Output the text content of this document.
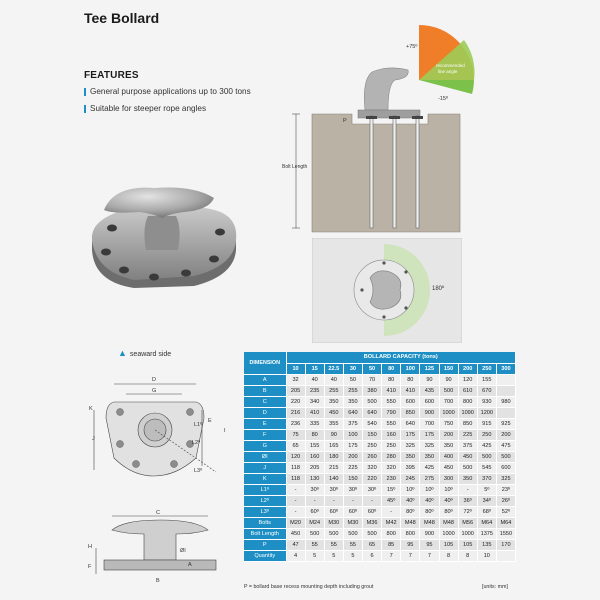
Tee Bollard
FEATURES
General purpose applications up to 300 tons
Suitable for steeper rope angles
recommended
line angle
+75º
-15º
P
Bolt Length
180º
▲ seaward side
D
G
K
J
E
I
L1º
L2º
L3º
C
H
F
ØI
A
B
DIMENSION	BOLLARD CAPACITY (tons)											
	10	15	22.5	30	50	80	100	125	150	200	250	300
A	32	40	40	50	70	80	80	90	90	120	155	
B	205	235	255	255	380	410	410	435	500	610	670	
C	220	340	350	350	500	550	600	600	700	800	930	980
D	216	410	450	640	640	790	850	900	1000	1090	1200	
E	236	335	355	375	540	550	640	700	750	850	915	925
F	75	80	90	100	150	160	175	175	200	225	250	200
G	65	155	165	175	250	250	325	325	350	375	425	475
ØI	120	160	180	200	260	280	350	350	400	450	500	500
J	118	205	215	225	320	320	395	425	450	500	545	600
K	118	130	140	150	220	230	245	275	300	350	370	325
L1º	-	30º	30º	30º	30º	15º	10º	10º	10º	-	5º	23º
L2º	-	-	-	-	-	45º	40º	40º	40º	36º	34º	26º
L3º	-	60º	60º	60º	60º	-	80º	80º	80º	72º	68º	52º
Bolts	M20	M24	M30	M30	M36	M42	M48	M48	M48	M56	M64	M64
Bolt Length	450	500	500	500	500	800	800	900	1000	1000	1375	1550
P	47	55	55	55	65	85	95	95	105	105	135	170
Quantity	4	5	5	5	6	7	7	7	8	8	10	
P = bollard base recess mounting depth including grout	[units: mm]
